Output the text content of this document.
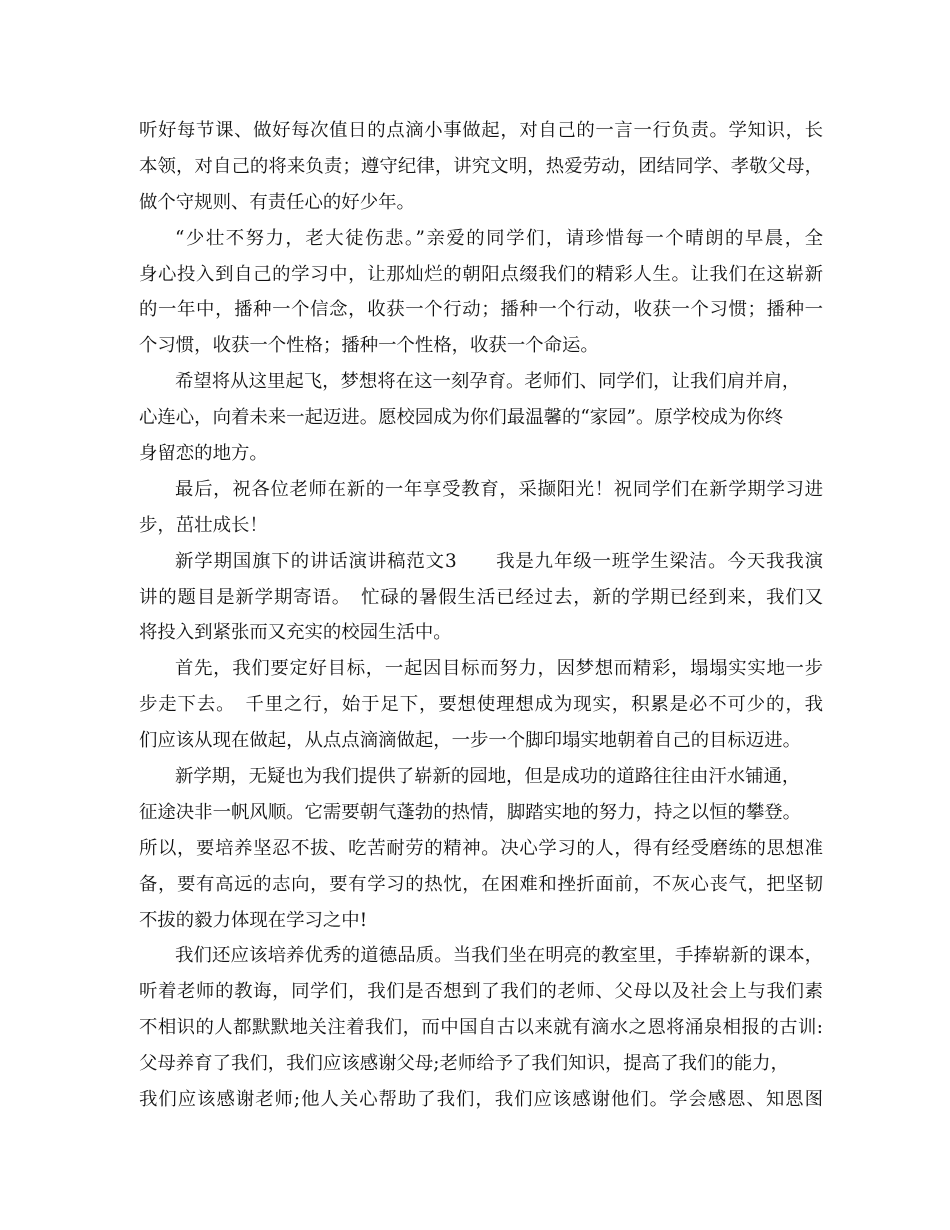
听好每节课、做好每次值日的点滴小事做起，对自己的一言一行负责。学知识，长
本领，对自己的将来负责；遵守纪律，讲究文明，热爱劳动，团结同学、孝敬父母，
做个守规则、有责任心的好少年。
“少壮不努力，老大徒伤悲。”亲爱的同学们，请珍惜每一个晴朗的早晨，全
身心投入到自己的学习中，让那灿烂的朝阳点缀我们的精彩人生。让我们在这崭新
的一年中，播种一个信念，收获一个行动；播种一个行动，收获一个习惯；播种一
个习惯，收获一个性格；播种一个性格，收获一个命运。
希望将从这里起飞，梦想将在这一刻孕育。老师们、同学们，让我们肩并肩，
心连心，向着未来一起迈进。愿校园成为你们最温馨的“家园”。原学校成为你终
身留恋的地方。
最后，祝各位老师在新的一年享受教育，采撷阳光！祝同学们在新学期学习进
步，茁壮成长！
新学期国旗下的讲话演讲稿范文3　　我是九年级一班学生梁洁。今天我我演
讲的题目是新学期寄语。　忙碌的暑假生活已经过去，新的学期已经到来，我们又
将投入到紧张而又充实的校园生活中。
首先，我们要定好目标，一起因目标而努力，因梦想而精彩，塌塌实实地一步
步走下去。　千里之行，始于足下，要想使理想成为现实，积累是必不可少的，我
们应该从现在做起，从点点滴滴做起，一步一个脚印塌实地朝着自己的目标迈进。
新学期，无疑也为我们提供了崭新的园地，但是成功的道路往往由汗水铺通，
征途决非一帆风顺。它需要朝气蓬勃的热情，脚踏实地的努力，持之以恒的攀登。
所以，要培养坚忍不拔、吃苦耐劳的精神。决心学习的人，得有经受磨练的思想准
备，要有高远的志向，要有学习的热忱，在困难和挫折面前，不灰心丧气，把坚韧
不拔的毅力体现在学习之中!
我们还应该培养优秀的道德品质。当我们坐在明亮的教室里，手捧崭新的课本，
听着老师的教诲，同学们，我们是否想到了我们的老师、父母以及社会上与我们素
不相识的人都默默地关注着我们，而中国自古以来就有滴水之恩将涌泉相报的古训:
父母养育了我们，我们应该感谢父母;老师给予了我们知识，提高了我们的能力，
我们应该感谢老师;他人关心帮助了我们，我们应该感谢他们。学会感恩、知恩图
